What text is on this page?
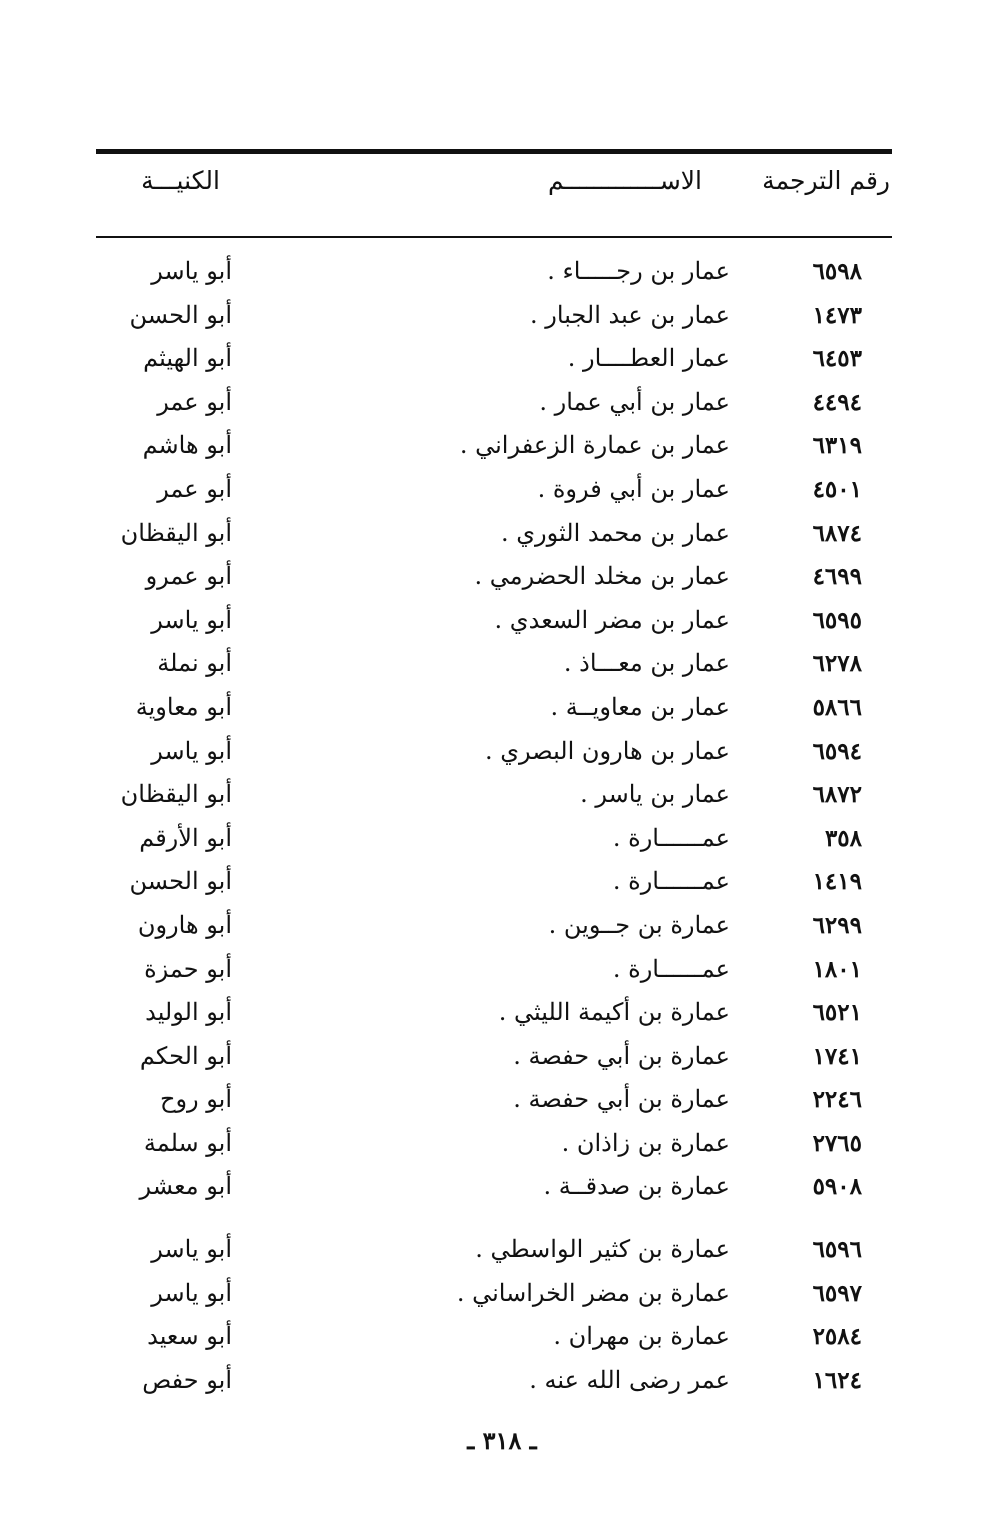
رقم الترجمة
الاســـــــــــــم
الكنيـــة
٦٥٩٨
عمار بن رجـــــاء .
أبو ياسر
١٤٧٣
عمار بن عبد الجبار .
أبو الحسن
٦٤٥٣
عمار العطــــار .
أبو الهيثم
٤٤٩٤
عمار بن أبي عمار .
أبو عمر
٦٣١٩
عمار بن عمارة الزعفراني .
أبو هاشم
٤٥٠١
عمار بن أبي فروة .
أبو عمر
٦٨٧٤
عمار بن محمد الثوري .
أبو اليقظان
٤٦٩٩
عمار بن مخلد الحضرمي .
أبو عمرو
٦٥٩٥
عمار بن مضر السعدي .
أبو ياسر
٦٢٧٨
عمار بن معـــاذ .
أبو نملة
٥٨٦٦
عمار بن معاويــة .
أبو معاوية
٦٥٩٤
عمار بن هارون البصري .
أبو ياسر
٦٨٧٢
عمار بن ياسر .
أبو اليقظان
٣٥٨
عمــــــارة .
أبو الأرقم
١٤١٩
عمــــــارة .
أبو الحسن
٦٢٩٩
عمارة بن جــوين .
أبو هارون
١٨٠١
عمــــــارة .
أبو حمزة
٦٥٢١
عمارة بن أكيمة الليثي .
أبو الوليد
١٧٤١
عمارة بن أبي حفصة .
أبو الحكم
٢٢٤٦
عمارة بن أبي حفصة .
أبو روح
٢٧٦٥
عمارة بن زاذان .
أبو سلمة
٥٩٠٨
عمارة بن صدقــة .
أبو معشر
٦٥٩٦
عمارة بن كثير الواسطي .
أبو ياسر
٦٥٩٧
عمارة بن مضر الخراساني .
أبو ياسر
٢٥٨٤
عمارة بن مهران .
أبو سعيد
١٦٢٤
عمر رضى الله عنه .
أبو حفص
ـ ٣١٨ ـ
